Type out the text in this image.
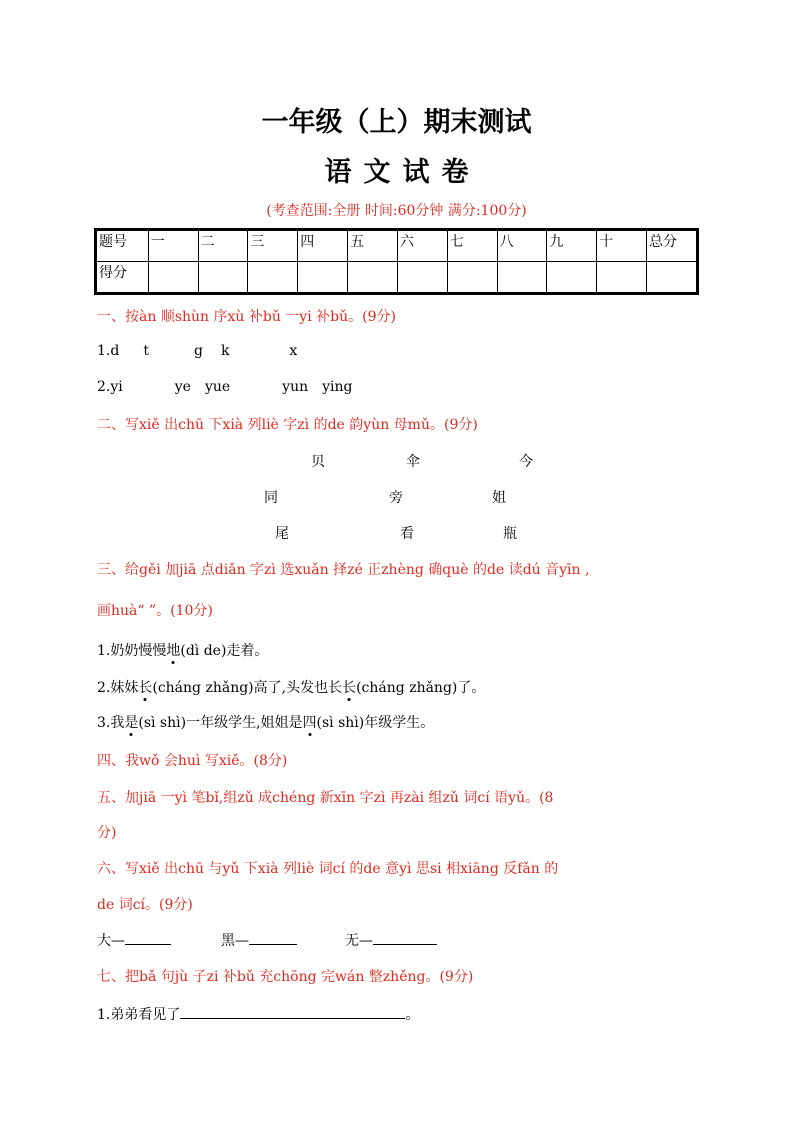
一年级（上）期末测试
语文试卷
(考查范围:全册 时间:60分钟 满分:100分)
题号	一	二	三	四	五	六	七	八	九	十	总分
得分											
一、按àn 顺shùn 序xù 补bǔ 一yi 补bǔ。(9分)
1.d t	g k	x
2.yi	ye yue	yun ying
二、写xiě 出chū 下xià 列liè 字zì 的de 韵yùn 母mǔ。(9分)
贝	伞	今
同	旁	姐
尾	看	瓶
三、给gěi 加jiā 点diǎn 字zì 选xuǎn 择zé 正zhèng 确què 的de 读dú 音yīn ,
画huà“ ”。(10分)
1.奶奶慢慢地(dì de)走着。
2.妹妹长(cháng zhǎng)高了,头发也长长(cháng zhǎng)了。
3.我是(sì shì)一年级学生,姐姐是四(sì shì)年级学生。
四、我wǒ 会huì 写xiě。(8分)
五、加jiā 一yì 笔bǐ,组zǔ 成chéng 新xīn 字zì 再zài 组zǔ 词cí 语yǔ。(8
分)
六、写xiě 出chū 与yǔ 下xià 列liè 词cí 的de 意yì 思si 相xiāng 反fǎn 的
de 词cí。(9分)
大—	黑—	无—
七、把bǎ 句jù 子zi 补bǔ 充chōng 完wán 整zhěng。(9分)
1.弟弟看见了	。
